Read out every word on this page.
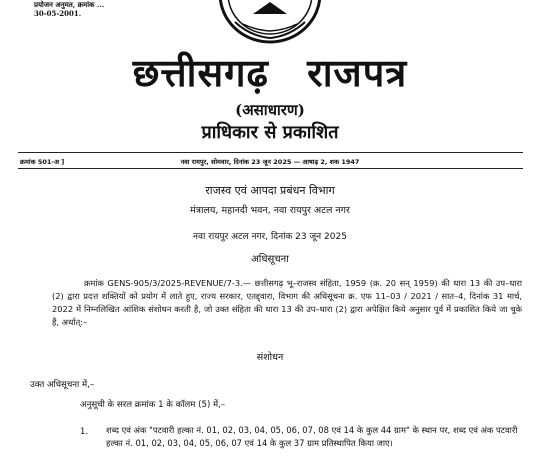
प्रयोजन अनुमत, क्रमांक ...
30-05-2001.
छत्तीसगढ़ राजपत्र
(असाधारण)
प्राधिकार से प्रकाशित
क्रमांक 501-अ ]	नवा रायपुर, सोमवार, दिनांक 23 जून 2025 — आषाढ़ 2, शक 1947
राजस्व एवं आपदा प्रबंधन विभाग
मंत्रालय, महानदी भवन, नवा रायपुर अटल नगर
नवा रायपुर अटल नगर, दिनांक 23 जून 2025
अधिसूचना
क्रमांक GENS-905/3/2025-REVENUE/7-3.— छत्तीसगढ़ भू–राजस्व संहिता, 1959 (क्र. 20 सन् 1959) की धारा 13 की उप–धारा (2) द्वारा प्रदत्त शक्तियों को प्रयोग में लाते हुए, राज्य सरकार, एतद्द्वारा, विभाग की अधिसूचना क्र. एफ 11–03 / 2021 / सात–4, दिनांक 31 मार्च, 2022 में निम्नलिखित आंशिक संशोधन करती है, जो उक्त संहिता की धारा 13 की उप–धारा (2) द्वारा अपेक्षित किये अनुसार पूर्व में प्रकाशित किये जा चुके हैं, अर्थात्:–
संशोधन
उक्त अधिसूचना में,–
अनुसूची के सरल क्रमांक 1 के कॉलम (5) में,–
1. शब्द एवं अंक "पटवारी हल्का नं. 01, 02, 03, 04, 05, 06, 07, 08 एवं 14 के कुल 44 ग्राम" के स्थान पर, शब्द एवं अंक पटवारी हल्का नं. 01, 02, 03, 04, 05, 06, 07 एवं 14 के कुल 37 ग्राम प्रतिस्थापित किया जाए।
